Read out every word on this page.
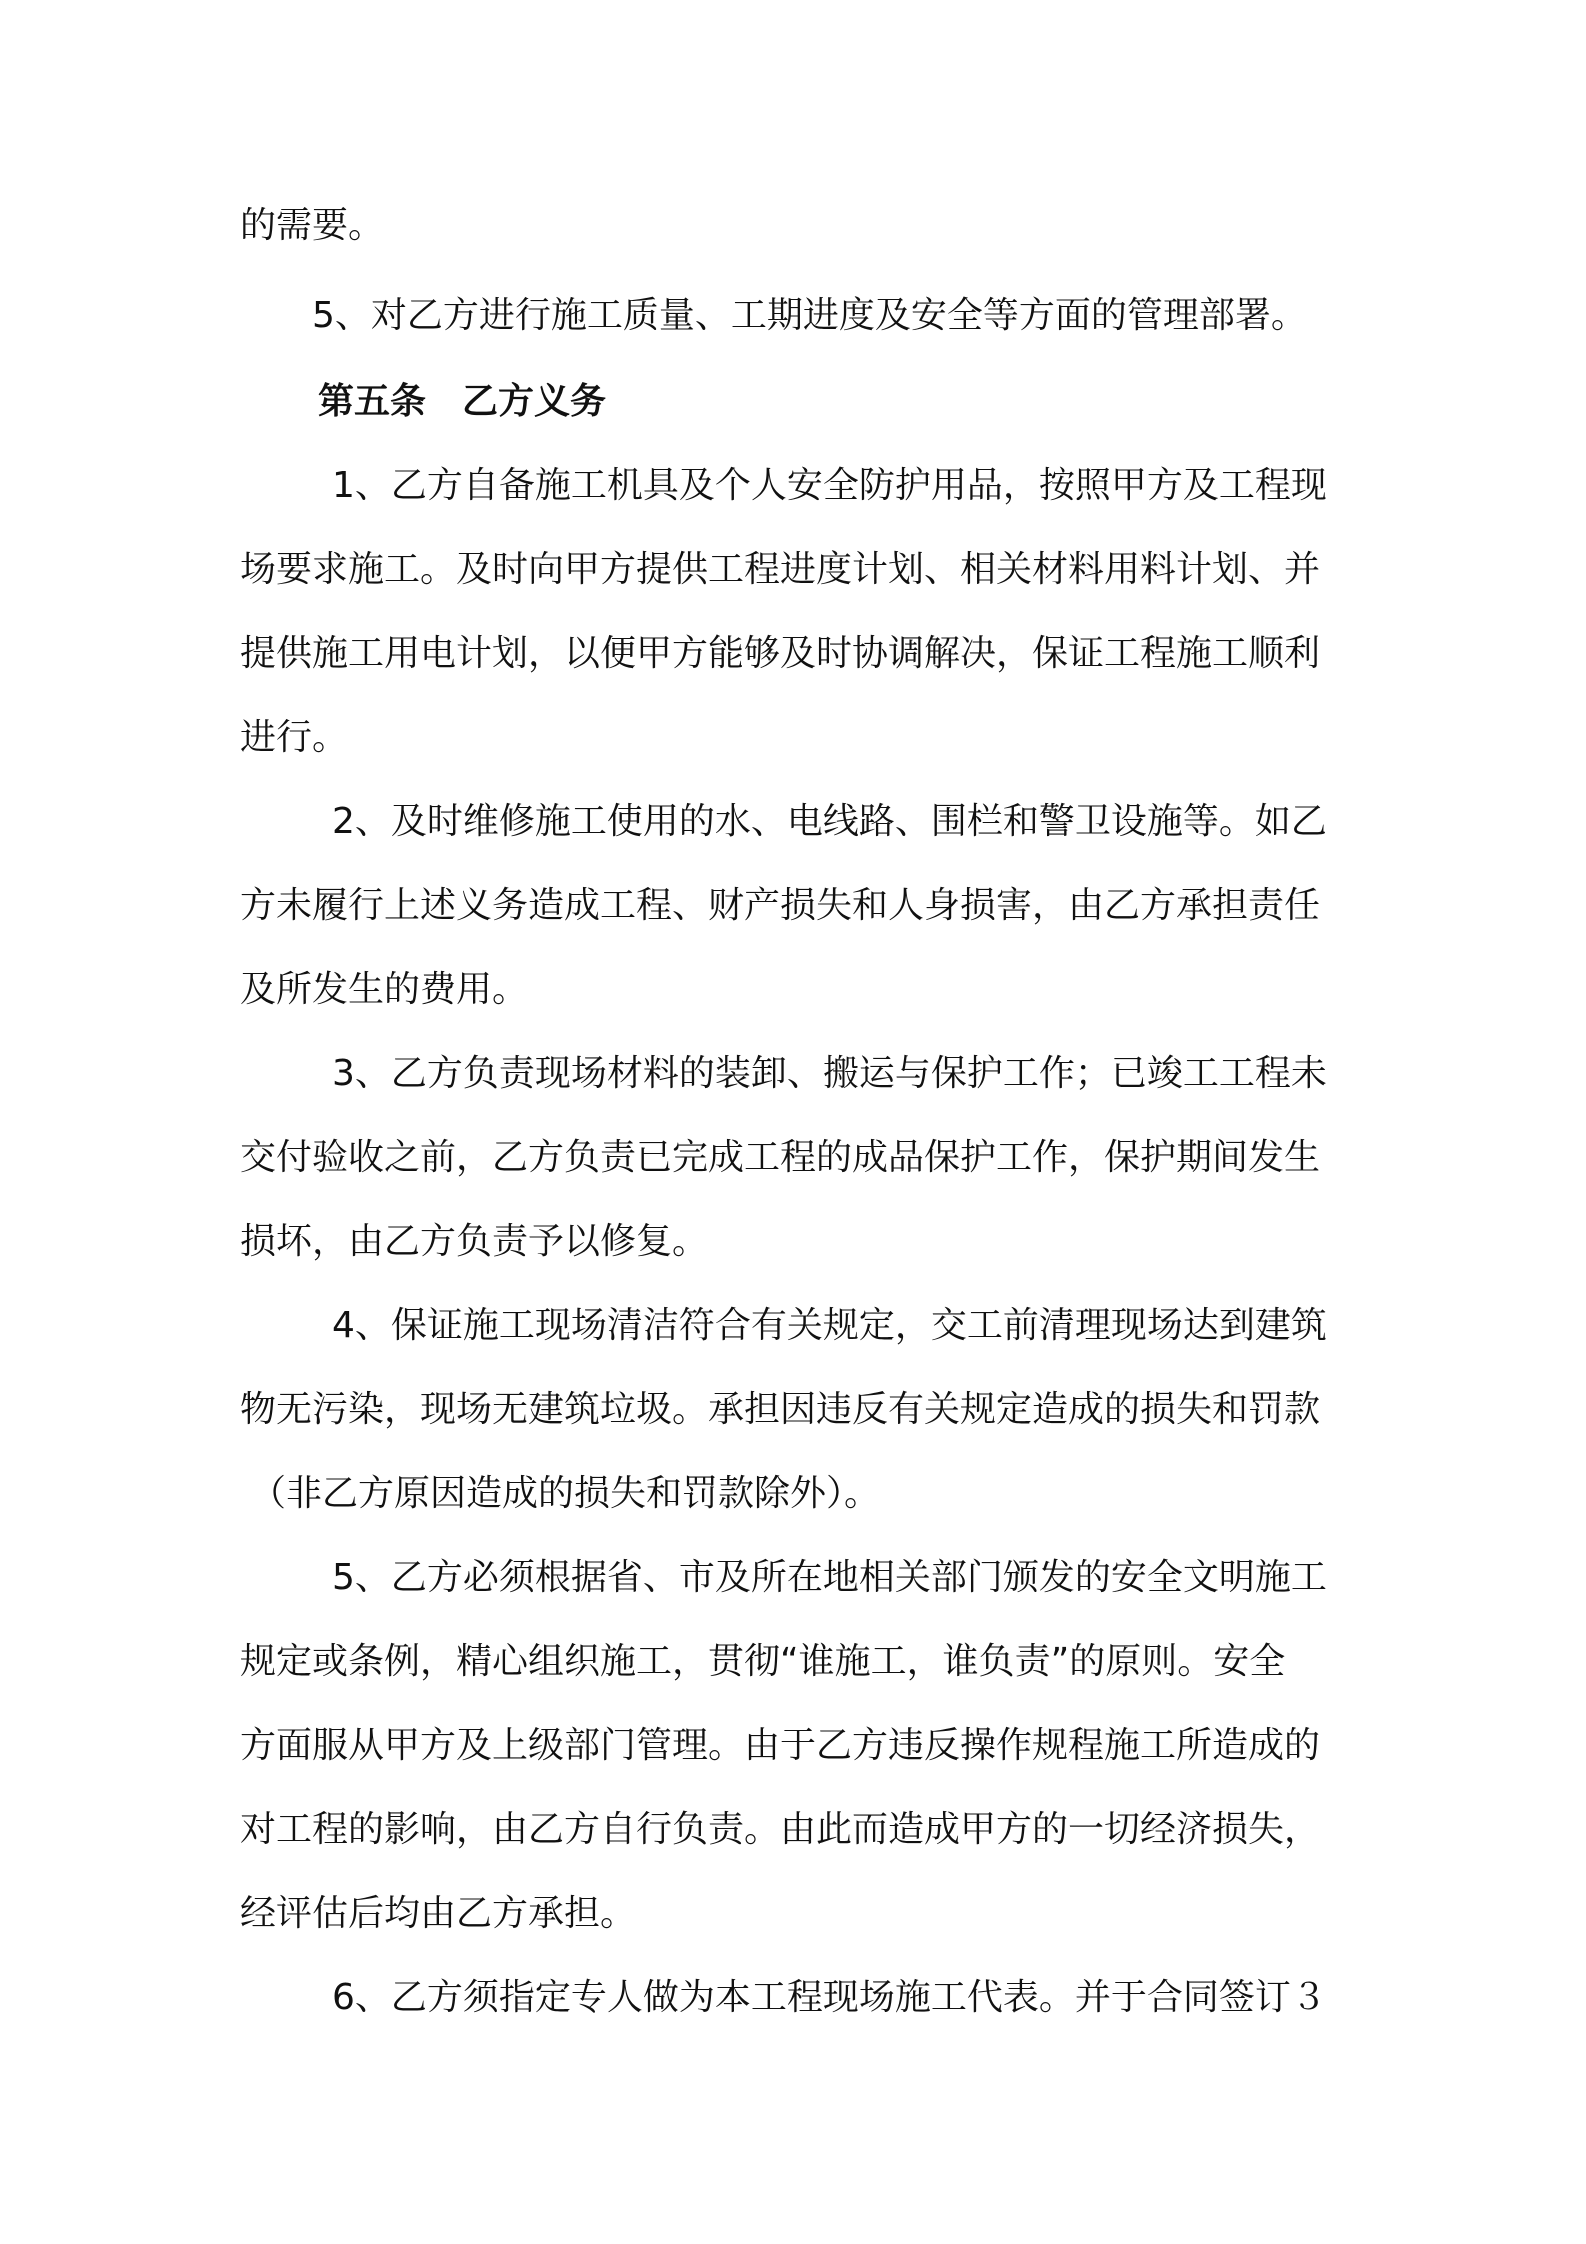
的需要。
5、对乙方进行施工质量、工期进度及安全等方面的管理部署。
第五条　乙方义务
1、乙方自备施工机具及个人安全防护用品，按照甲方及工程现
场要求施工。及时向甲方提供工程进度计划、相关材料用料计划、并
提供施工用电计划，以便甲方能够及时协调解决，保证工程施工顺利
进行。
2、及时维修施工使用的水、电线路、围栏和警卫设施等。如乙
方未履行上述义务造成工程、财产损失和人身损害，由乙方承担责任
及所发生的费用。
3、乙方负责现场材料的装卸、搬运与保护工作；已竣工工程未
交付验收之前，乙方负责已完成工程的成品保护工作，保护期间发生
损坏，由乙方负责予以修复。
4、保证施工现场清洁符合有关规定，交工前清理现场达到建筑
物无污染，现场无建筑垃圾。承担因违反有关规定造成的损失和罚款
（非乙方原因造成的损失和罚款除外）。
5、乙方必须根据省、市及所在地相关部门颁发的安全文明施工
规定或条例，精心组织施工，贯彻“谁施工，谁负责”的原则。安全
方面服从甲方及上级部门管理。由于乙方违反操作规程施工所造成的
对工程的影响，由乙方自行负责。由此而造成甲方的一切经济损失，
经评估后均由乙方承担。
6、乙方须指定专人做为本工程现场施工代表。并于合同签订３
